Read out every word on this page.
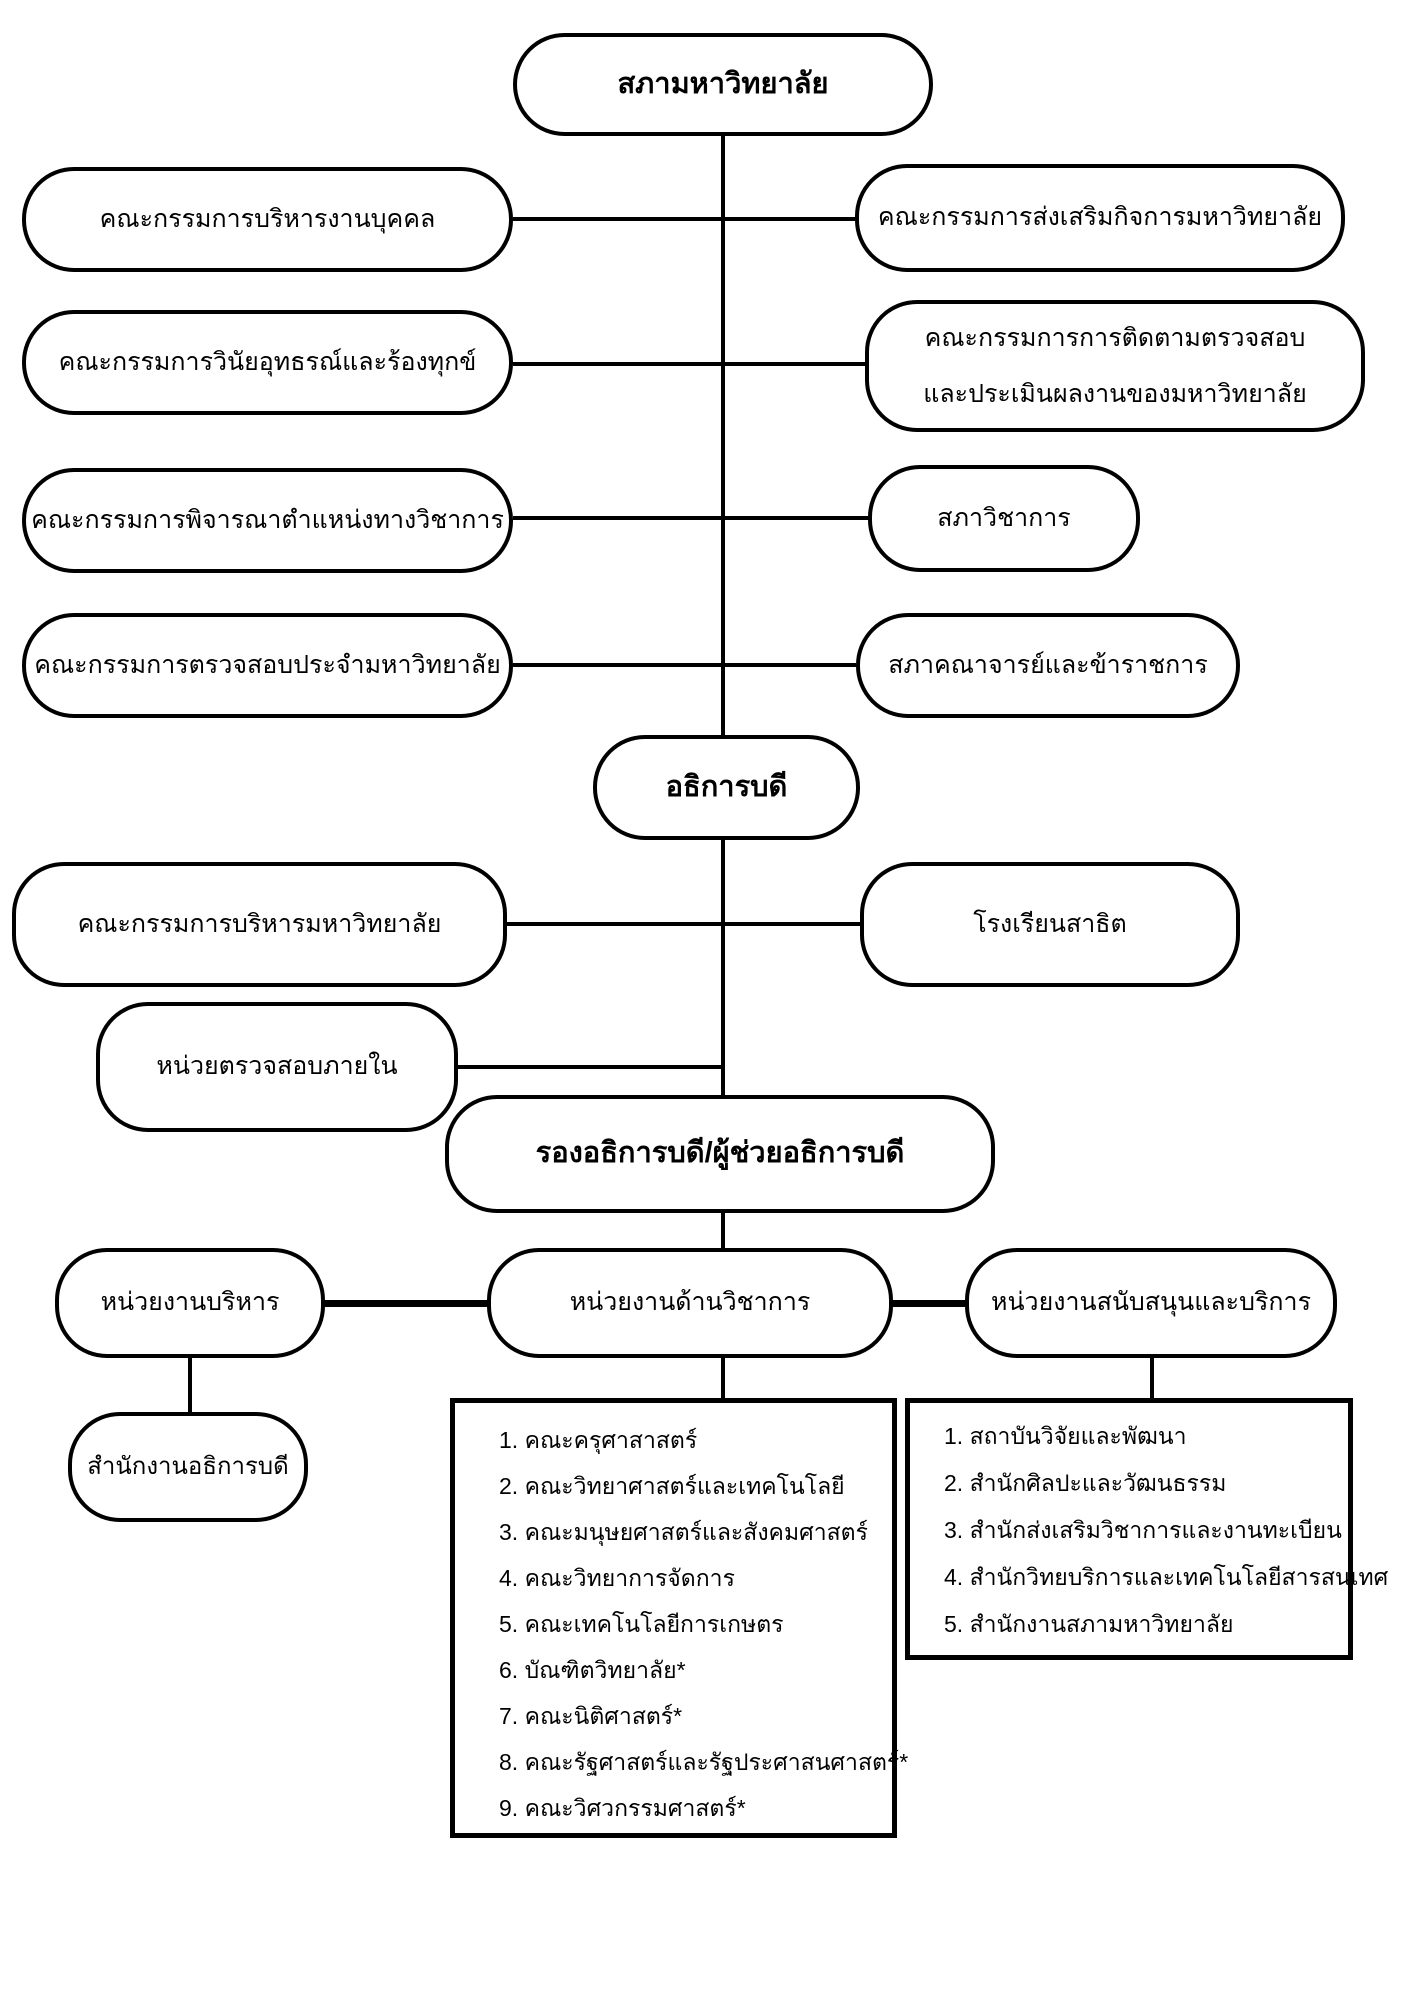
สภามหาวิทยาลัย
คณะกรรมการบริหารงานบุคคล	คณะกรรมการส่งเสริมกิจการมหาวิทยาลัย
คณะกรรมการวินัยอุทธรณ์และร้องทุกข์
คณะกรรมการการติดตามตรวจสอบ
และประเมินผลงานของมหาวิทยาลัย
คณะกรรมการพิจารณาตำแหน่งทางวิชาการ	สภาวิชาการ
คณะกรรมการตรวจสอบประจำมหาวิทยาลัย	สภาคณาจารย์และข้าราชการ
อธิการบดี
คณะกรรมการบริหารมหาวิทยาลัย	โรงเรียนสาธิต
หน่วยตรวจสอบภายใน
รองอธิการบดี/ผู้ช่วยอธิการบดี
หน่วยงานบริหาร	หน่วยงานด้านวิชาการ	หน่วยงานสนับสนุนและบริการ
สำนักงานอธิการบดี
1. คณะครุศาสาสตร์
2. คณะวิทยาศาสตร์และเทคโนโลยี
3. คณะมนุษยศาสตร์และสังคมศาสตร์
4. คณะวิทยาการจัดการ
5. คณะเทคโนโลยีการเกษตร
6. บัณฑิตวิทยาลัย*
7. คณะนิติศาสตร์*
8. คณะรัฐศาสตร์และรัฐประศาสนศาสตร์*
9. คณะวิศวกรรมศาสตร์*
1. สถาบันวิจัยและพัฒนา
2. สำนักศิลปะและวัฒนธรรม
3. สำนักส่งเสริมวิชาการและงานทะเบียน
4. สำนักวิทยบริการและเทคโนโลยีสารสนเทศ
5. สำนักงานสภามหาวิทยาลัย
